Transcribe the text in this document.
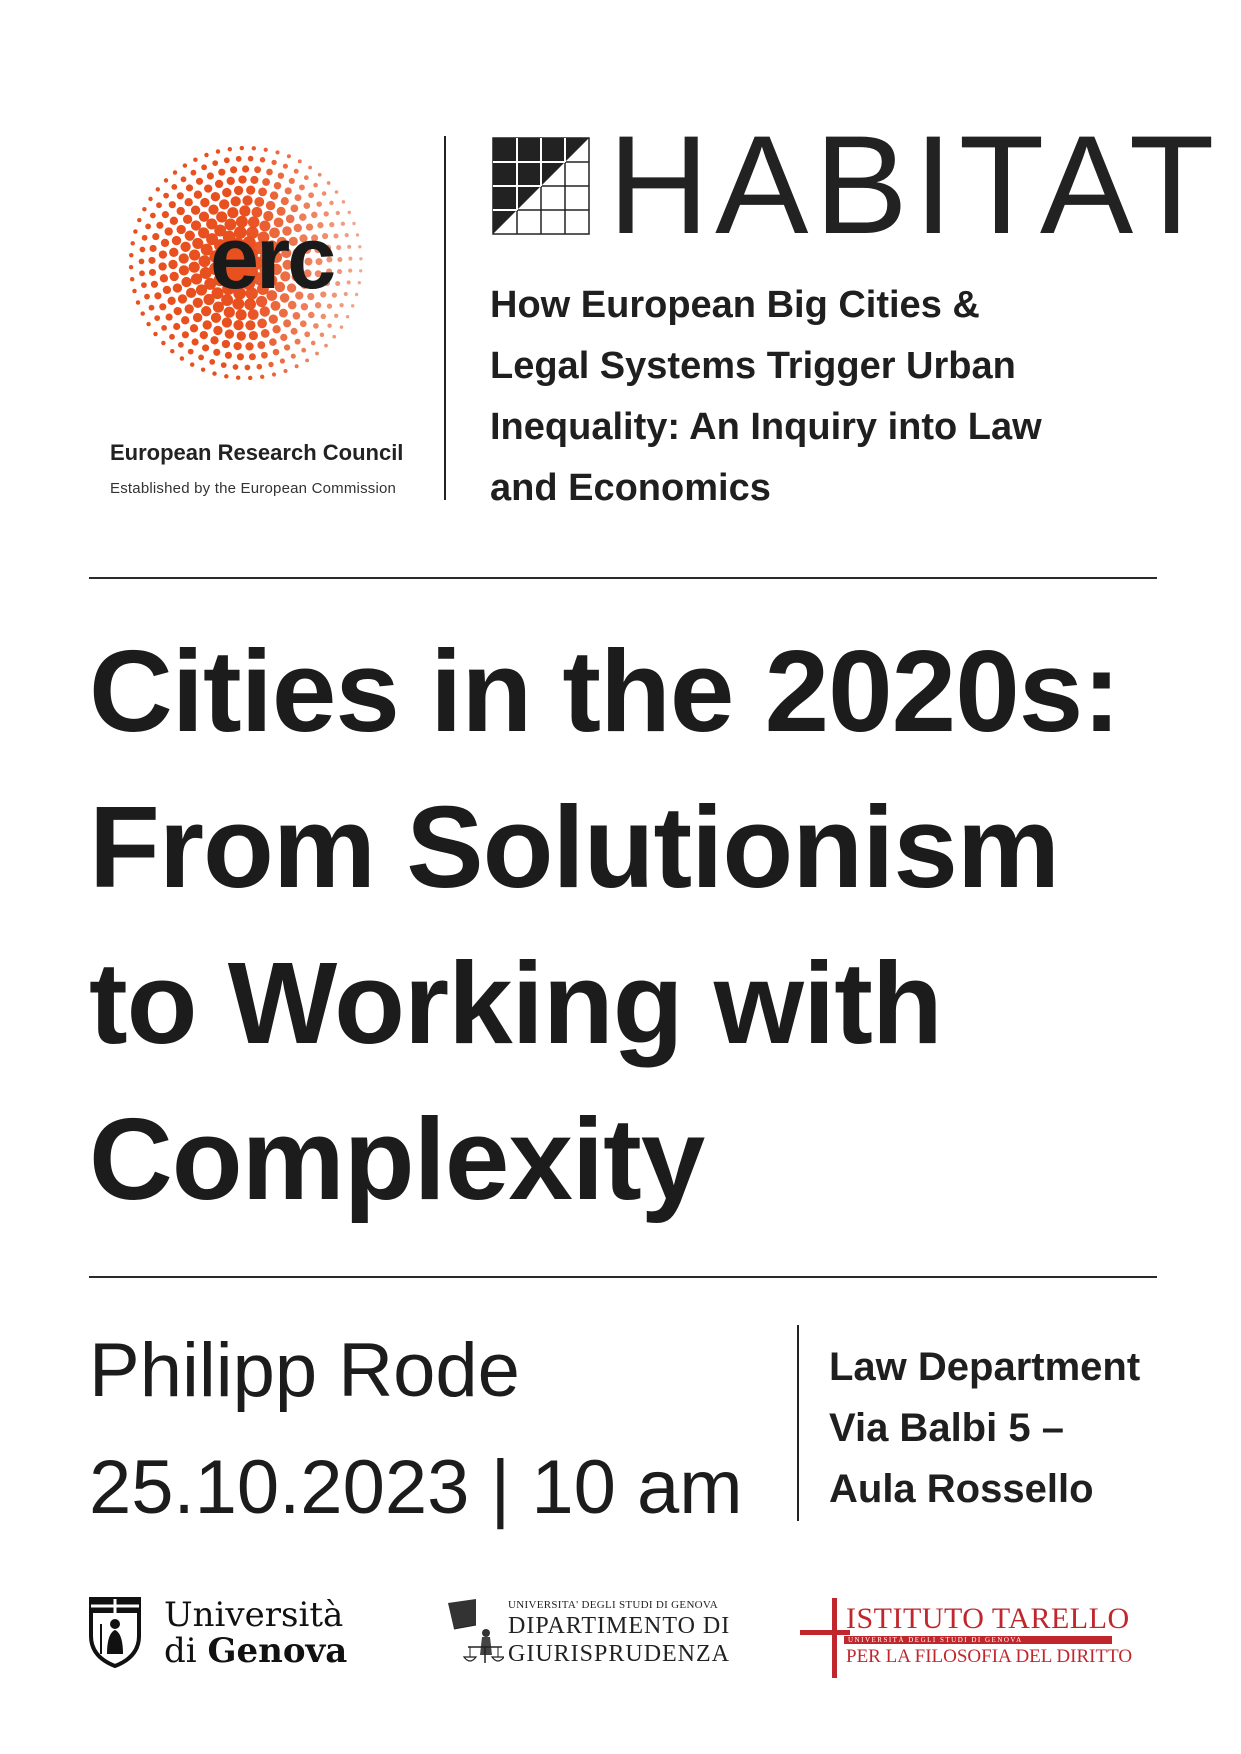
erc
European Research Council
Established by the European Commission
HABITAT
How European Big Cities &
Legal Systems Trigger Urban
Inequality: An Inquiry into Law
and Economics
Cities in the 2020s:
From Solutionism
to Working with
Complexity
Philipp Rode
25.10.2023 | 10 am
Law Department
Via Balbi 5 –
Aula Rossello
Università
di Genova
UNIVERSITA' DEGLI STUDI DI GENOVA
DIPARTIMENTO DI
GIURISPRUDENZA
ISTITUTO TARELLO
UNIVERSITÀ DEGLI STUDI DI GENOVA
PER LA FILOSOFIA DEL DIRITTO
